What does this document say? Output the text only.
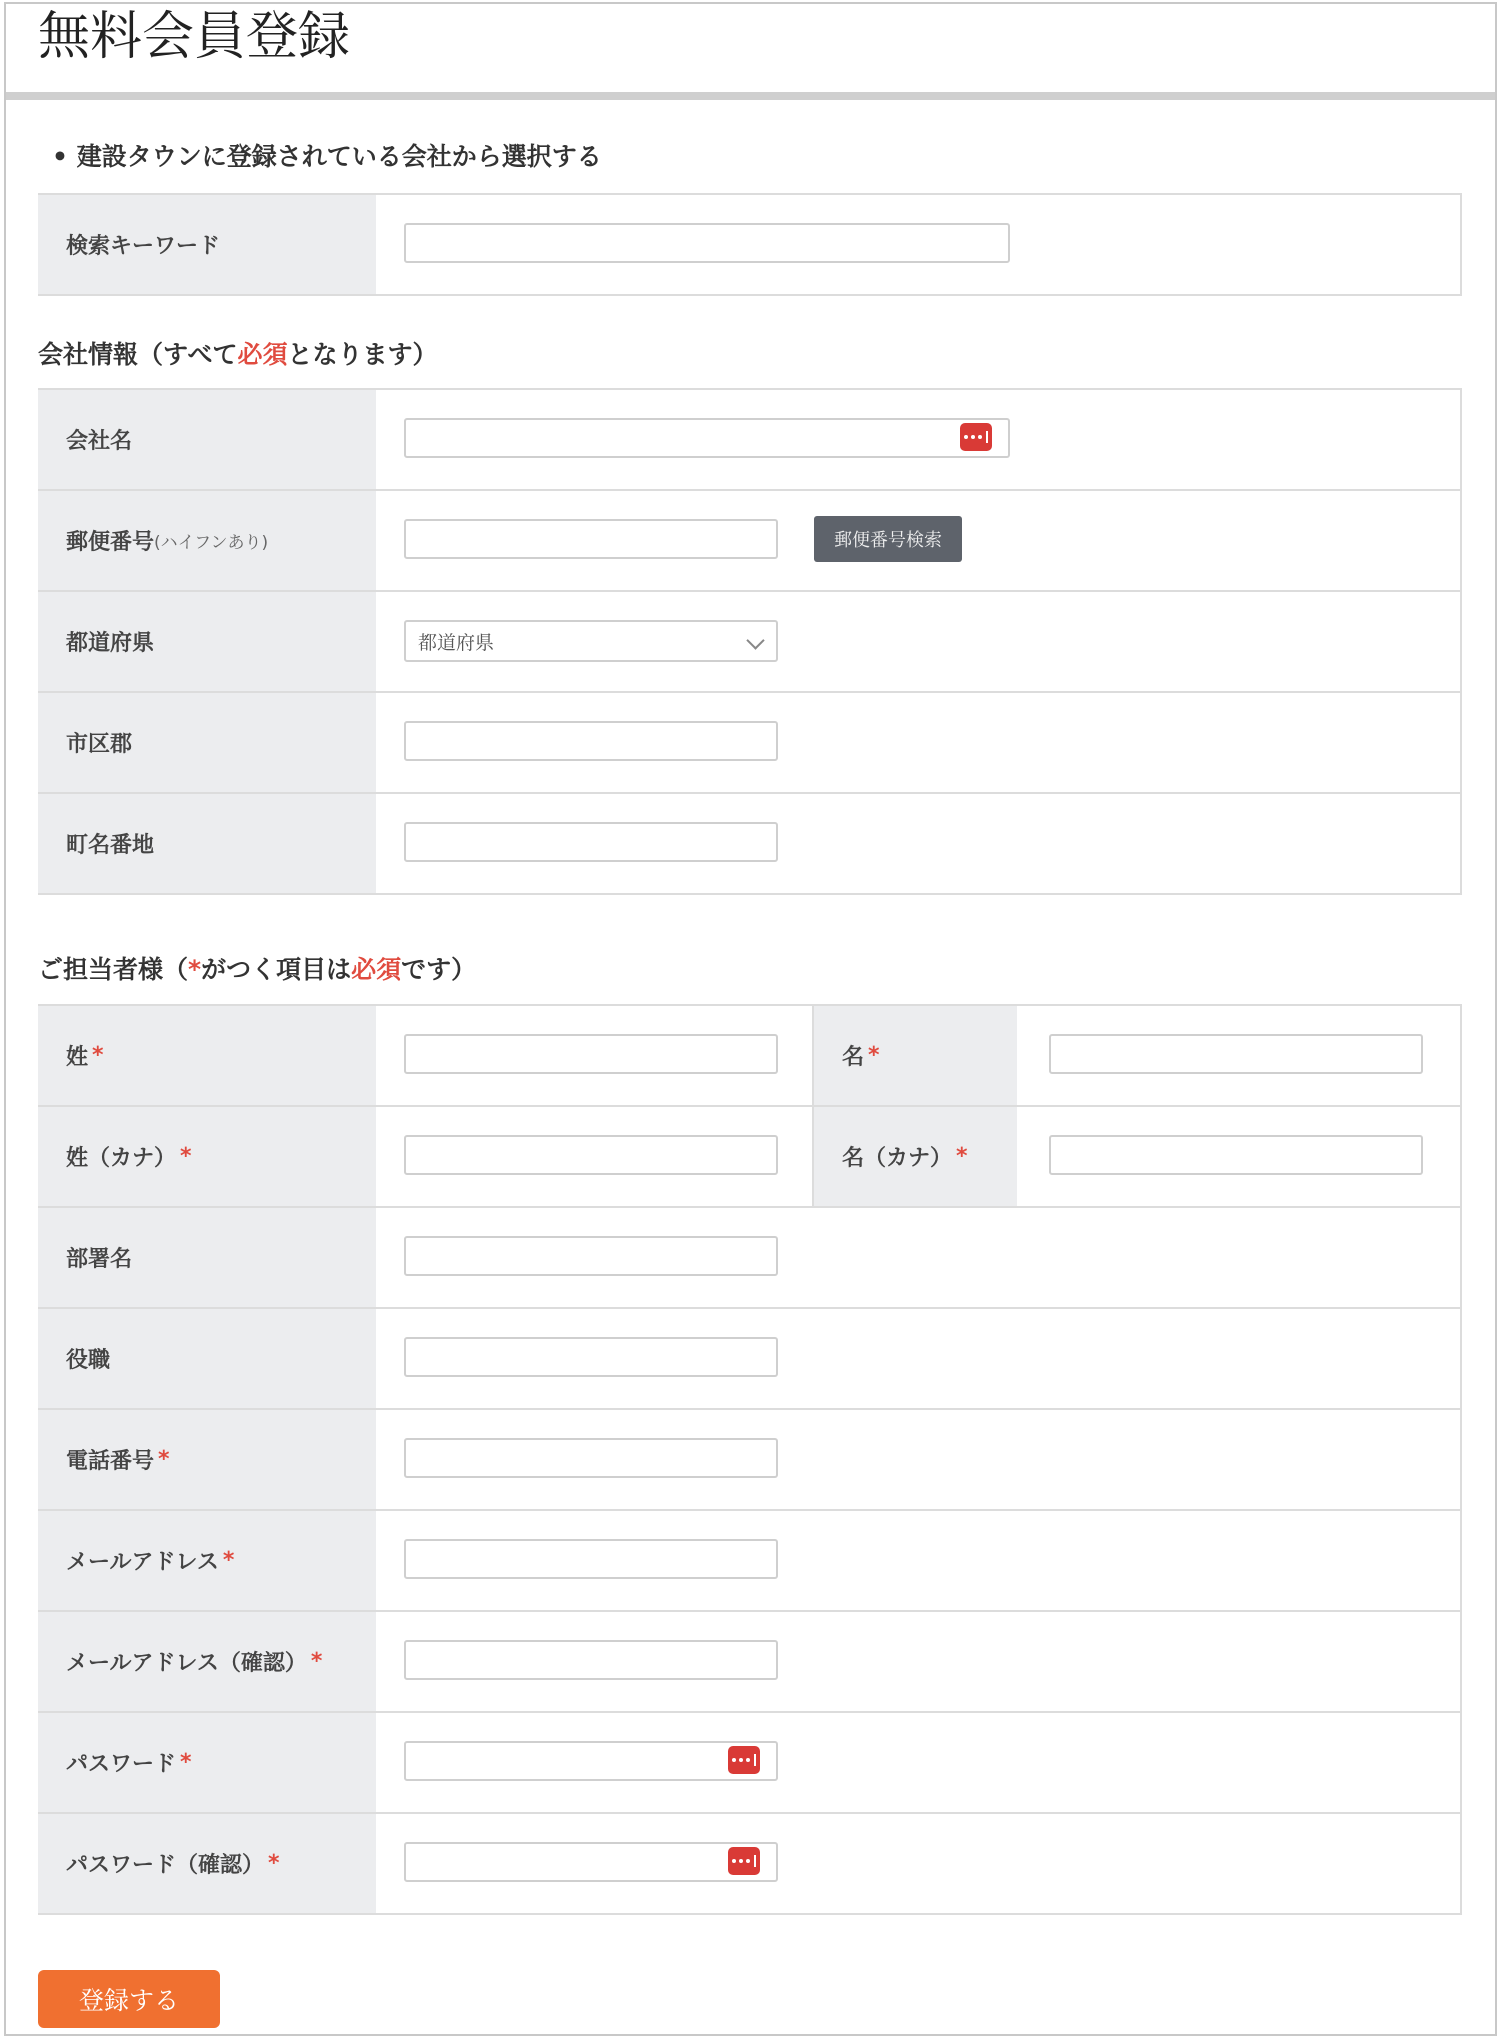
無料会員登録
• 建設タウンに登録されている会社から選択する
検索キーワード
会社情報（すべて必須となります）
会社名
郵便番号 (ハイフンあり)	郵便番号検索
都道府県	都道府県
市区郡
町名番地
ご担当者様（*がつく項目は必須です）
姓 *	名 *
姓（カナ） *	名（カナ） *
部署名
役職
電話番号 *
メールアドレス *
メールアドレス（確認） *
パスワード *
パスワード（確認） *
登録する
